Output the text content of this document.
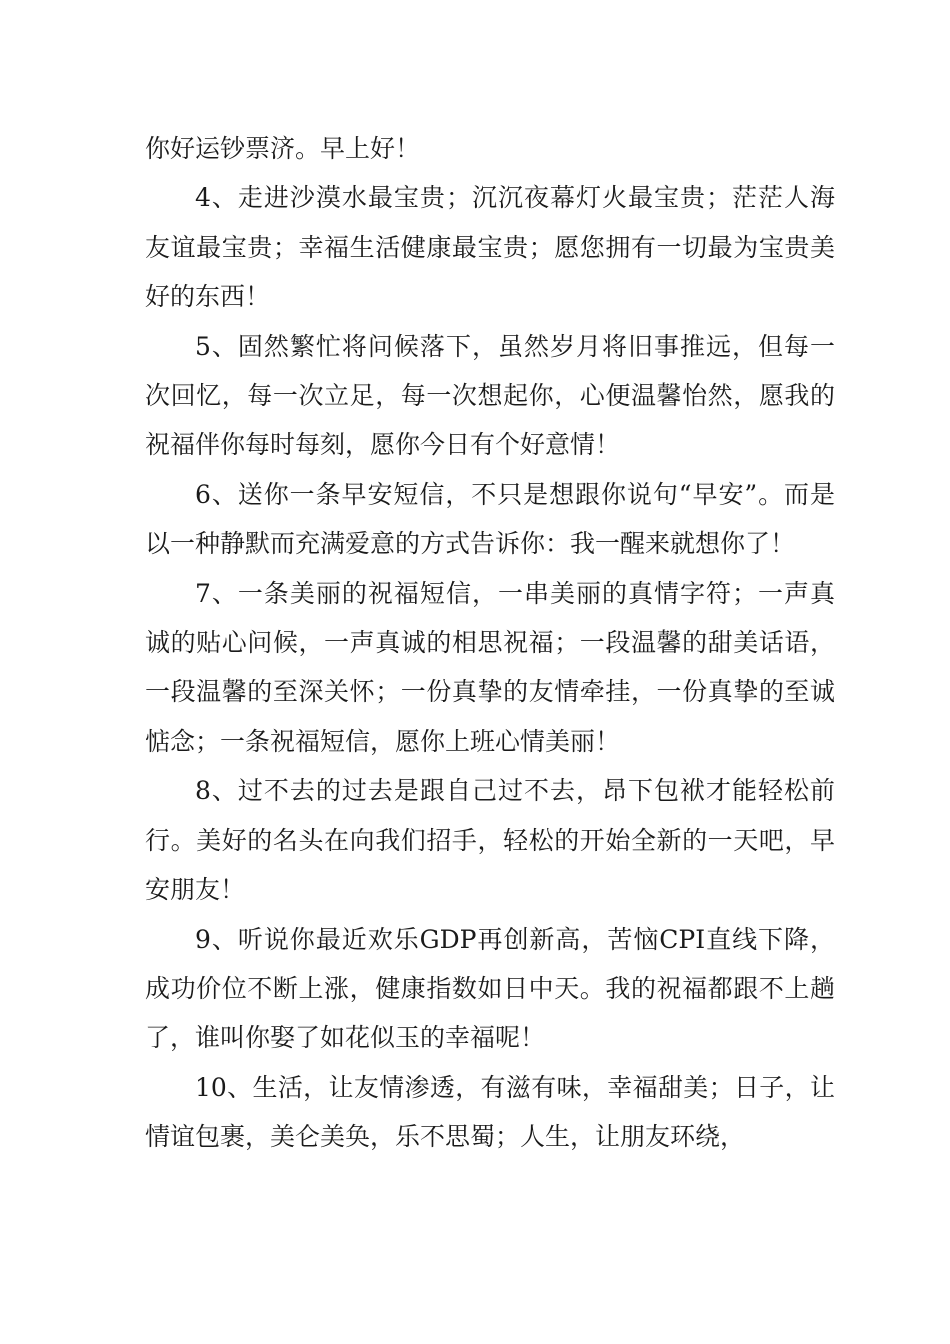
你好运钞票济。早上好！

4、走进沙漠水最宝贵；沉沉夜幕灯火最宝贵；茫茫人海友谊最宝贵；幸福生活健康最宝贵；愿您拥有一切最为宝贵美好的东西！

5、固然繁忙将问候落下，虽然岁月将旧事推远，但每一次回忆，每一次立足，每一次想起你，心便温馨怡然，愿我的祝福伴你每时每刻，愿你今日有个好意情！

6、送你一条早安短信，不只是想跟你说句“早安”。而是以一种静默而充满爱意的方式告诉你：我一醒来就想你了！

7、一条美丽的祝福短信，一串美丽的真情字符；一声真诚的贴心问候，一声真诚的相思祝福；一段温馨的甜美话语，一段温馨的至深关怀；一份真挚的友情牵挂，一份真挚的至诚惦念；一条祝福短信，愿你上班心情美丽！

8、过不去的过去是跟自己过不去，昂下包袱才能轻松前行。美好的名头在向我们招手，轻松的开始全新的一天吧，早安朋友！

9、听说你最近欢乐GDP再创新高，苦恼CPI直线下降，成功价位不断上涨，健康指数如日中天。我的祝福都跟不上趟了，谁叫你娶了如花似玉的幸福呢！

10、生活，让友情渗透，有滋有味，幸福甜美；日子，让情谊包裹，美仑美奂，乐不思蜀；人生，让朋友环绕，
